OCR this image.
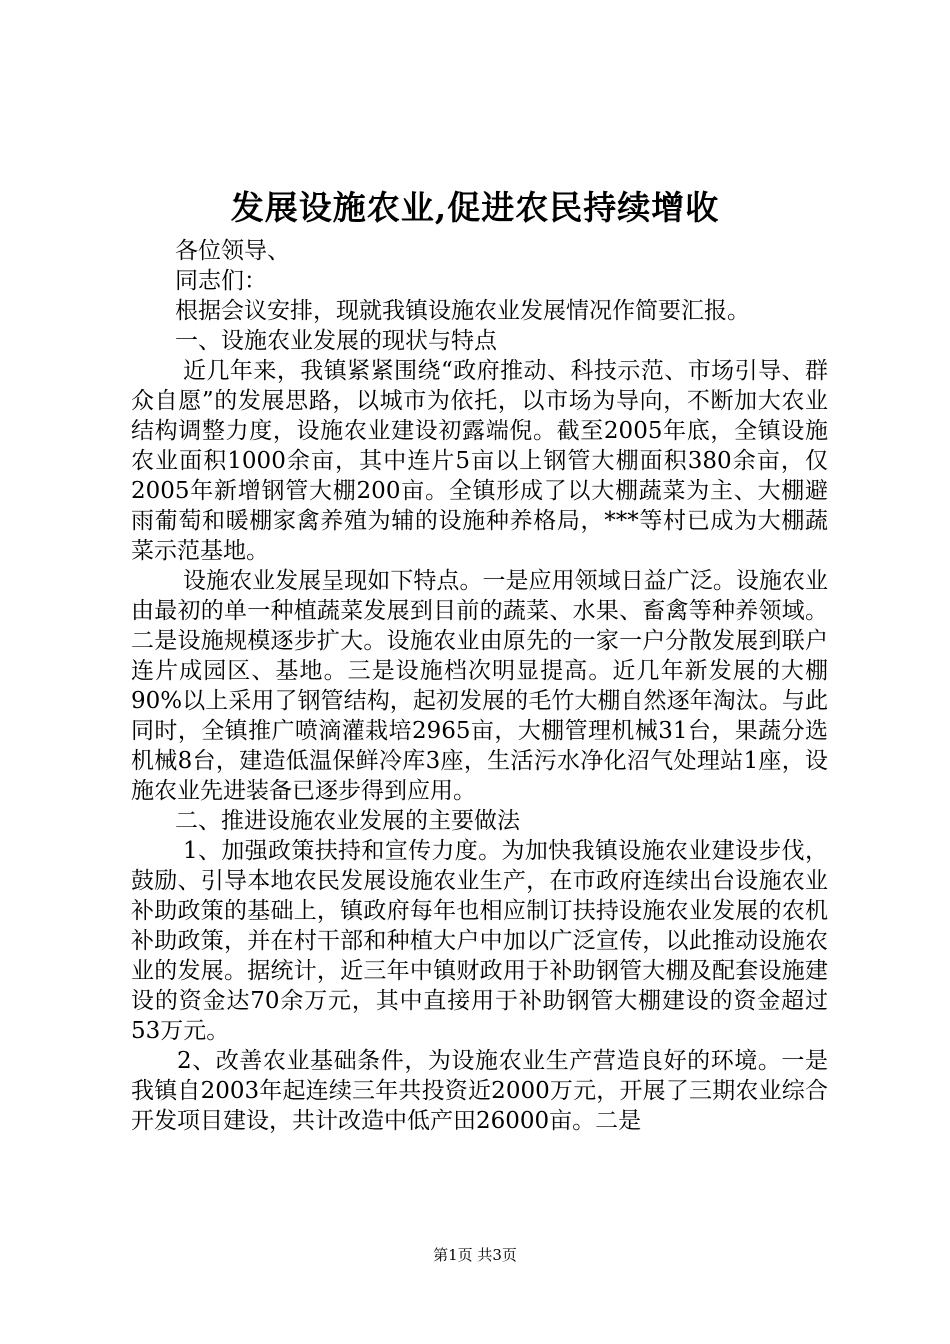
发展设施农业,促进农民持续增收

各位领导、

同志们：

根据会议安排，现就我镇设施农业发展情况作简要汇报。

一、设施农业发展的现状与特点

近几年来，我镇紧紧围绕“政府推动、科技示范、市场引导、群众自愿”的发展思路，以城市为依托，以市场为导向，不断加大农业结构调整力度，设施农业建设初露端倪。截至2005年底，全镇设施农业面积1000余亩，其中连片5亩以上钢管大棚面积380余亩，仅2005年新增钢管大棚200亩。全镇形成了以大棚蔬菜为主、大棚避雨葡萄和暖棚家禽养殖为辅的设施种养格局，***等村已成为大棚蔬菜示范基地。

设施农业发展呈现如下特点。一是应用领域日益广泛。设施农业由最初的单一种植蔬菜发展到目前的蔬菜、水果、畜禽等种养领域。二是设施规模逐步扩大。设施农业由原先的一家一户分散发展到联户连片成园区、基地。三是设施档次明显提高。近几年新发展的大棚90%以上采用了钢管结构，起初发展的毛竹大棚自然逐年淘汰。与此同时，全镇推广喷滴灌栽培2965亩，大棚管理机械31台，果蔬分选机械8台，建造低温保鲜冷库3座，生活污水净化沼气处理站1座，设施农业先进装备已逐步得到应用。

二、推进设施农业发展的主要做法

1、加强政策扶持和宣传力度。为加快我镇设施农业建设步伐，鼓励、引导本地农民发展设施农业生产，在市政府连续出台设施农业补助政策的基础上，镇政府每年也相应制订扶持设施农业发展的农机补助政策，并在村干部和种植大户中加以广泛宣传，以此推动设施农业的发展。据统计，近三年中镇财政用于补助钢管大棚及配套设施建设的资金达70余万元，其中直接用于补助钢管大棚建设的资金超过53万元。

2、改善农业基础条件，为设施农业生产营造良好的环境。一是我镇自2003年起连续三年共投资近2000万元，开展了三期农业综合开发项目建设，共计改造中低产田26000亩。二是

第1页 共3页
